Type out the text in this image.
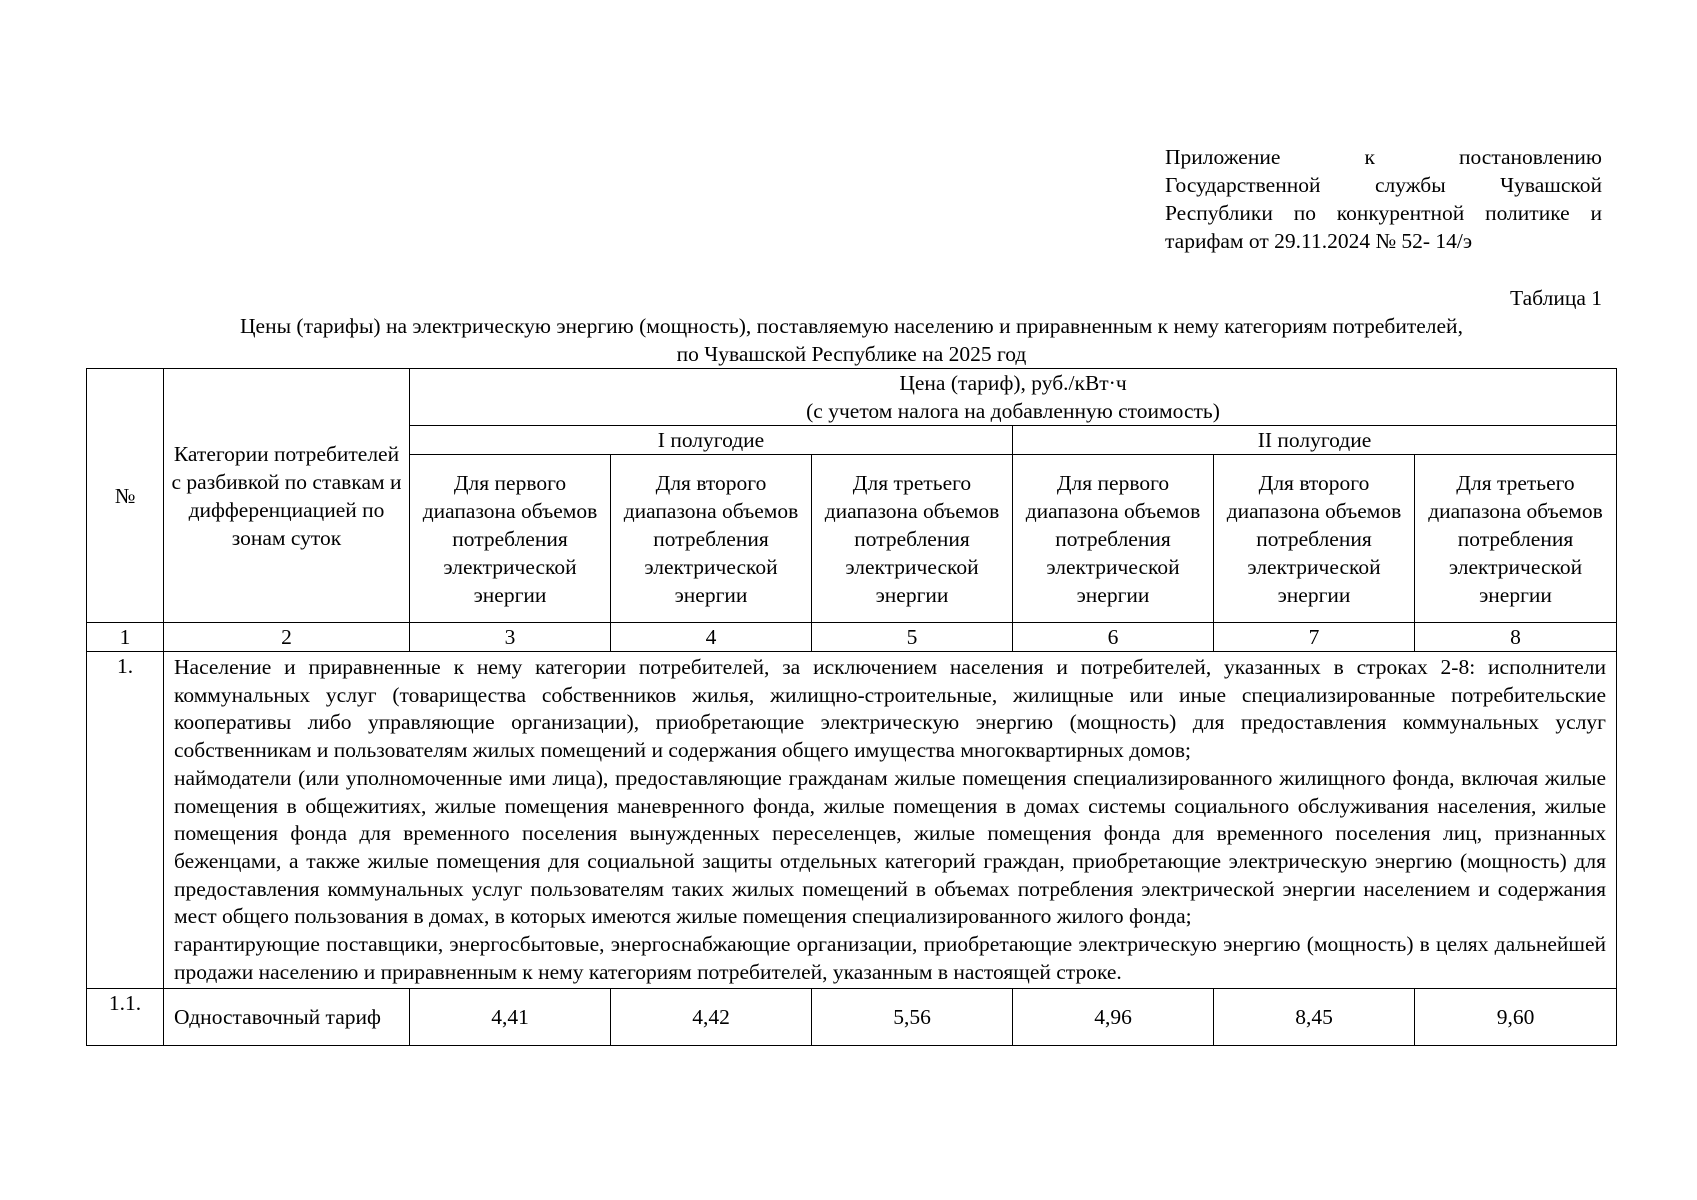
Приложение к постановлению Государственной службы Чувашской Республики по конкурентной политике и тарифам от 29.11.2024 № 52- 14/э
Таблица 1
Цены (тарифы) на электрическую энергию (мощность), поставляемую населению и приравненным к нему категориям потребителей,
по Чувашской Республике на 2025 год
№	Категории потребителей с разбивкой по ставкам и дифференциацией по зонам суток	Цена (тариф), руб./кВт·ч
(с учетом налога на добавленную стоимость)					

		I полугодие			II полугодие		
		Для первого диапазона объемов потребления электрической энергии	Для второго диапазона объемов потребления электрической энергии	Для третьего диапазона объемов потребления электрической энергии	Для первого диапазона объемов потребления электрической энергии	Для второго диапазона объемов потребления электрической энергии	Для третьего диапазона объемов потребления электрической энергии
1	2	3	4	5	6	7	8
1.	Население и приравненные к нему категории потребителей, за исключением населения и потребителей, указанных в строках 2-8: исполнители коммунальных услуг (товарищества собственников жилья, жилищно-строительные, жилищные или иные специализированные потребительские кооперативы либо управляющие организации), приобретающие электрическую энергию (мощность) для предоставления коммунальных услуг собственникам и пользователям жилых помещений и содержания общего имущества многоквартирных домов;

наймодатели (или уполномоченные ими лица), предоставляющие гражданам жилые помещения специализированного жилищного фонда, включая жилые помещения в общежитиях, жилые помещения маневренного фонда, жилые помещения в домах системы социального обслуживания населения, жилые помещения фонда для временного поселения вынужденных переселенцев, жилые помещения фонда для временного поселения лиц, признанных беженцами, а также жилые помещения для социальной защиты отдельных категорий граждан, приобретающие электрическую энергию (мощность) для предоставления коммунальных услуг пользователям таких жилых помещений в объемах потребления электрической энергии населением и содержания мест общего пользования в домах, в которых имеются жилые помещения специализированного жилого фонда;

гарантирующие поставщики, энергосбытовые, энергоснабжающие организации, приобретающие электрическую энергию (мощность) в целях дальнейшей продажи населению и приравненным к нему категориям потребителей, указанным в настоящей строке.						

1.1.	Одноставочный тариф	4,41	4,42	5,56	4,96	8,45	9,60
